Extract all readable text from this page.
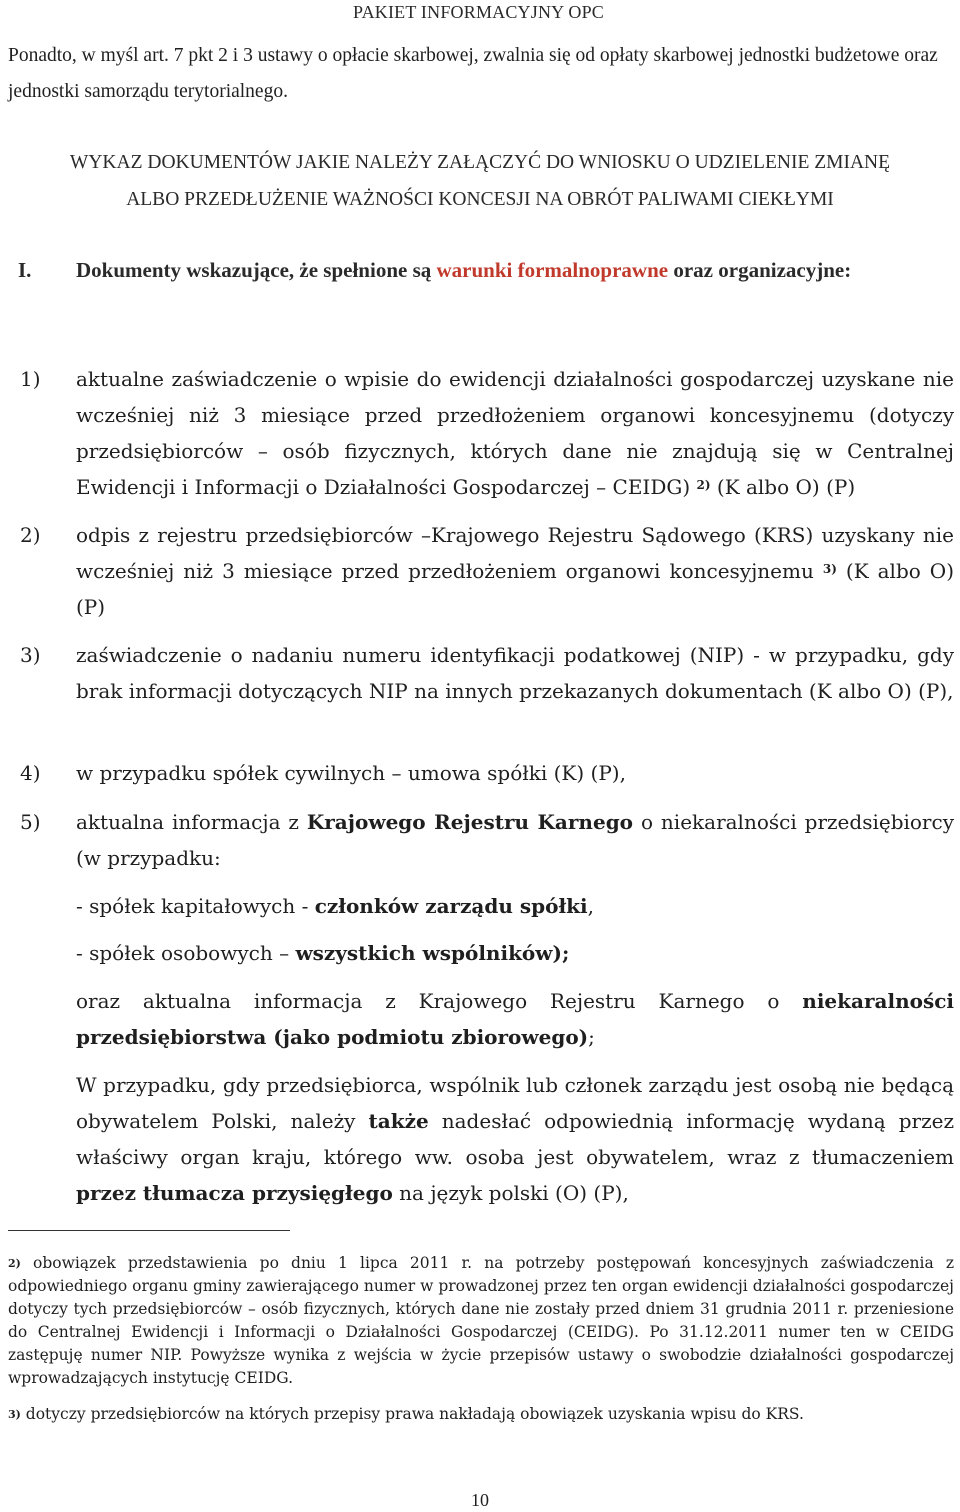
PAKIET INFORMACYJNY OPC
Ponadto, w myśl art. 7 pkt 2 i 3 ustawy o opłacie skarbowej, zwalnia się od opłaty skarbowej jednostki budżetowe oraz jednostki samorządu terytorialnego.
WYKAZ DOKUMENTÓW JAKIE NALEŻY ZAŁĄCZYĆ DO WNIOSKU O UDZIELENIE ZMIANĘ
ALBO PRZEDŁUŻENIE WAŻNOŚCI KONCESJI NA OBRÓT PALIWAMI CIEKŁYMI
I. Dokumenty wskazujące, że spełnione są warunki formalnoprawne oraz organizacyjne:
1) aktualne zaświadczenie o wpisie do ewidencji działalności gospodarczej uzyskane nie wcześniej niż 3 miesiące przed przedłożeniem organowi koncesyjnemu (dotyczy przedsiębiorców – osób fizycznych, których dane nie znajdują się w Centralnej Ewidencji i Informacji o Działalności Gospodarczej – CEIDG) $^{2)}$ (K albo O) (P)
2) odpis z rejestru przedsiębiorców –Krajowego Rejestru Sądowego (KRS) uzyskany nie wcześniej niż 3 miesiące przed przedłożeniem organowi koncesyjnemu $^{3)}$ (K albo O) (P)
3) zaświadczenie o nadaniu numeru identyfikacji podatkowej (NIP) - w przypadku, gdy brak informacji dotyczących NIP na innych przekazanych dokumentach (K albo O) (P),
4) w przypadku spółek cywilnych – umowa spółki (K) (P),
5) aktualna informacja z Krajowego Rejestru Karnego o niekaralności przedsiębiorcy (w przypadku:
- spółek kapitałowych - członków zarządu spółki,
- spółek osobowych – wszystkich wspólników);
oraz aktualna informacja z Krajowego Rejestru Karnego o niekaralności przedsiębiorstwa (jako podmiotu zbiorowego);
W przypadku, gdy przedsiębiorca, wspólnik lub członek zarządu jest osobą nie będącą obywatelem Polski, należy także nadesłać odpowiednią informację wydaną przez właściwy organ kraju, którego ww. osoba jest obywatelem, wraz z tłumaczeniem przez tłumacza przysięgłego na język polski (O) (P),
$^{2)}$ obowiązek przedstawienia po dniu 1 lipca 2011 r. na potrzeby postępowań koncesyjnych zaświadczenia z odpowiedniego organu gminy zawierającego numer w prowadzonej przez ten organ ewidencji działalności gospodarczej dotyczy tych przedsiębiorców – osób fizycznych, których dane nie zostały przed dniem 31 grudnia 2011 r. przeniesione do Centralnej Ewidencji i Informacji o Działalności Gospodarczej (CEIDG). Po 31.12.2011 numer ten w CEIDG zastępuję numer NIP. Powyższe wynika z wejścia w życie przepisów ustawy o swobodzie działalności gospodarczej wprowadzających instytucję CEIDG.
$^{3)}$ dotyczy przedsiębiorców na których przepisy prawa nakładają obowiązek uzyskania wpisu do KRS.
10
